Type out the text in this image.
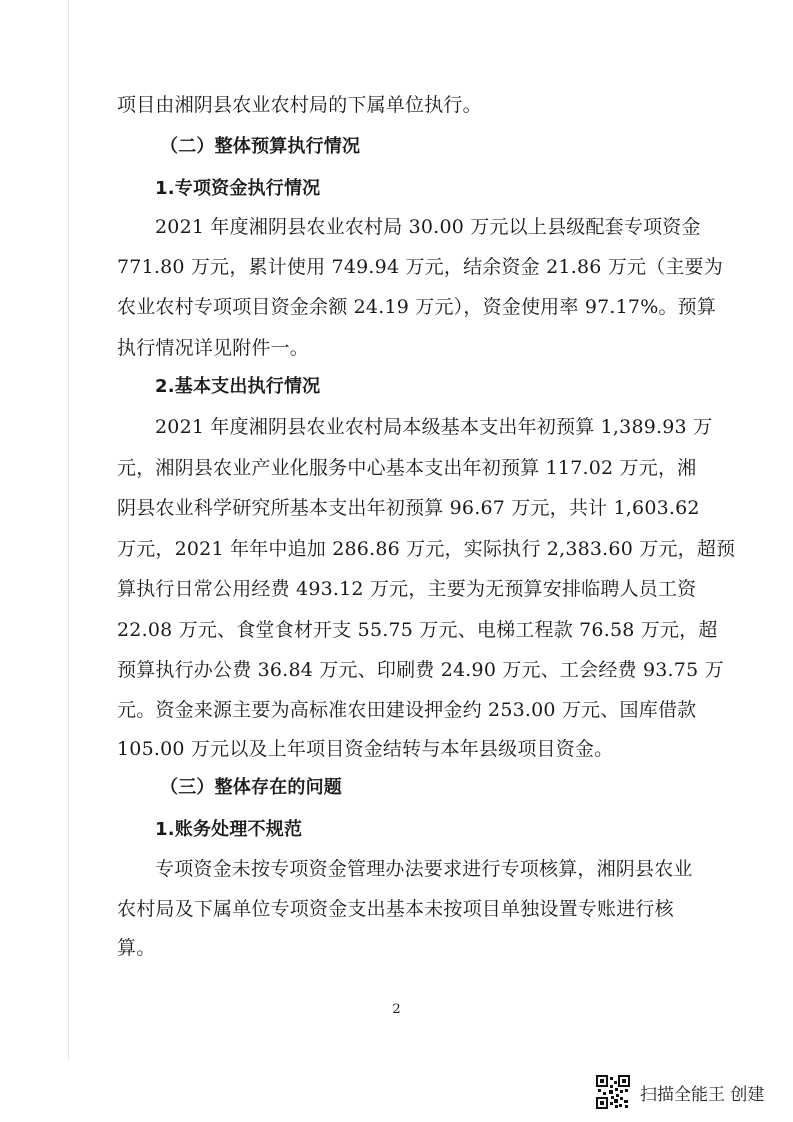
项目由湘阴县农业农村局的下属单位执行。

（二）整体预算执行情况

1.专项资金执行情况

2021 年度湘阴县农业农村局 30.00 万元以上县级配套专项资金

771.80 万元，累计使用 749.94 万元，结余资金 21.86 万元（主要为

农业农村专项项目资金余额 24.19 万元），资金使用率 97.17%。预算

执行情况详见附件一。

2.基本支出执行情况

2021 年度湘阴县农业农村局本级基本支出年初预算 1,389.93 万

元，湘阴县农业产业化服务中心基本支出年初预算 117.02 万元，湘

阴县农业科学研究所基本支出年初预算 96.67 万元，共计 1,603.62

万元，2021 年年中追加 286.86 万元，实际执行 2,383.60 万元，超预

算执行日常公用经费 493.12 万元，主要为无预算安排临聘人员工资

22.08 万元、食堂食材开支 55.75 万元、电梯工程款 76.58 万元，超

预算执行办公费 36.84 万元、印刷费 24.90 万元、工会经费 93.75 万

元。资金来源主要为高标准农田建设押金约 253.00 万元、国库借款

105.00 万元以及上年项目资金结转与本年县级项目资金。

（三）整体存在的问题

1.账务处理不规范

专项资金未按专项资金管理办法要求进行专项核算，湘阴县农业

农村局及下属单位专项资金支出基本未按项目单独设置专账进行核

算。

2
扫描全能王 创建
